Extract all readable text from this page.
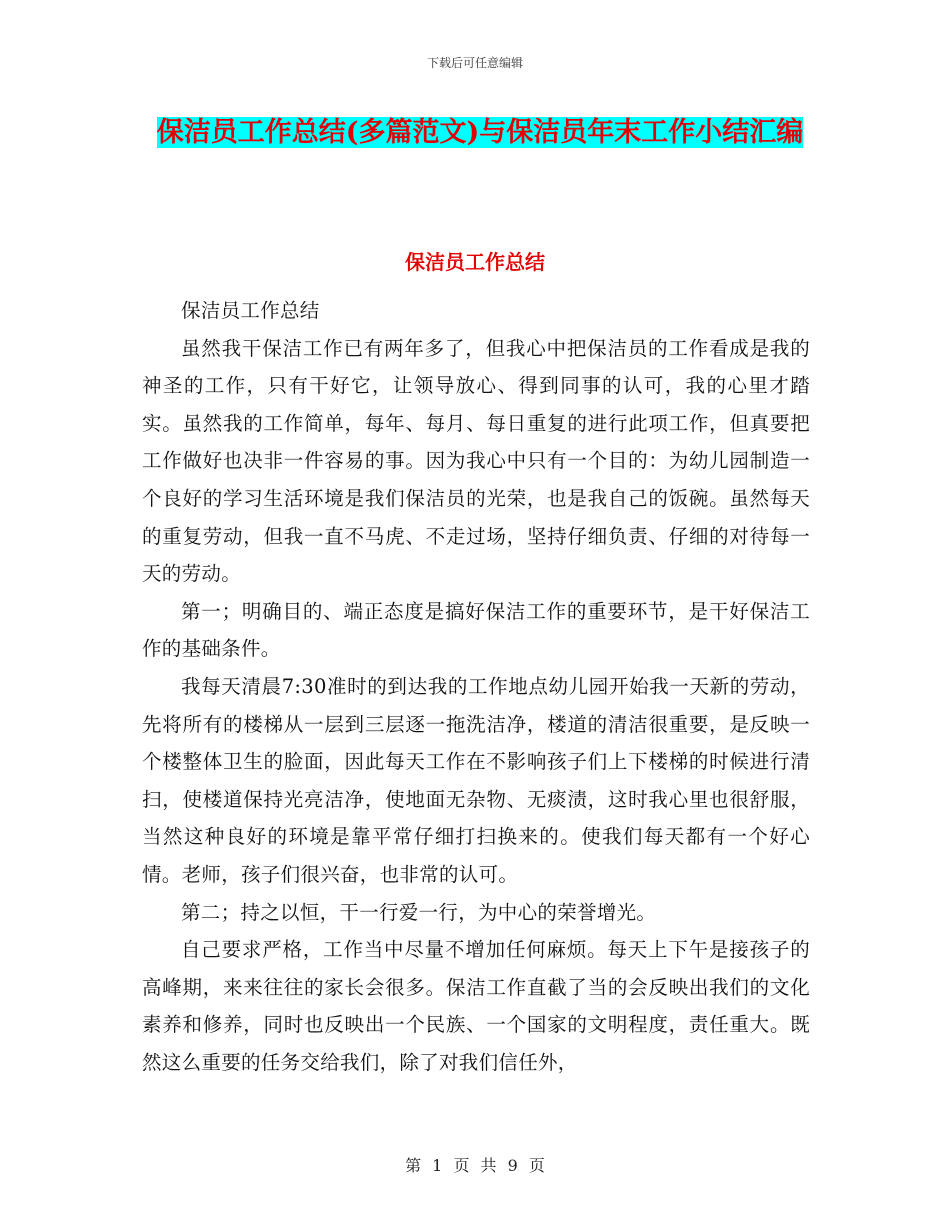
下载后可任意编辑
保洁员工作总结(多篇范文)与保洁员年末工作小结汇编
保洁员工作总结

保洁员工作总结

虽然我干保洁工作已有两年多了，但我心中把保洁员的工作看成是我的神圣的工作，只有干好它，让领导放心、得到同事的认可，我的心里才踏实。虽然我的工作简单，每年、每月、每日重复的进行此项工作，但真要把工作做好也决非一件容易的事。因为我心中只有一个目的：为幼儿园制造一个良好的学习生活环境是我们保洁员的光荣，也是我自己的饭碗。虽然每天的重复劳动，但我一直不马虎、不走过场，坚持仔细负责、仔细的对待每一天的劳动。

第一；明确目的、端正态度是搞好保洁工作的重要环节，是干好保洁工作的基础条件。

我每天清晨7:30准时的到达我的工作地点幼儿园开始我一天新的劳动，先将所有的楼梯从一层到三层逐一拖洗洁净，楼道的清洁很重要，是反映一个楼整体卫生的脸面，因此每天工作在不影响孩子们上下楼梯的时候进行清扫，使楼道保持光亮洁净，使地面无杂物、无痰渍，这时我心里也很舒服，当然这种良好的环境是靠平常仔细打扫换来的。使我们每天都有一个好心情。老师，孩子们很兴奋，也非常的认可。

第二；持之以恒，干一行爱一行，为中心的荣誉增光。

自己要求严格，工作当中尽量不增加任何麻烦。每天上下午是接孩子的高峰期，来来往往的家长会很多。保洁工作直截了当的会反映出我们的文化素养和修养，同时也反映出一个民族、一个国家的文明程度，责任重大。既然这么重要的任务交给我们，除了对我们信任外，

第 1 页 共 9 页
